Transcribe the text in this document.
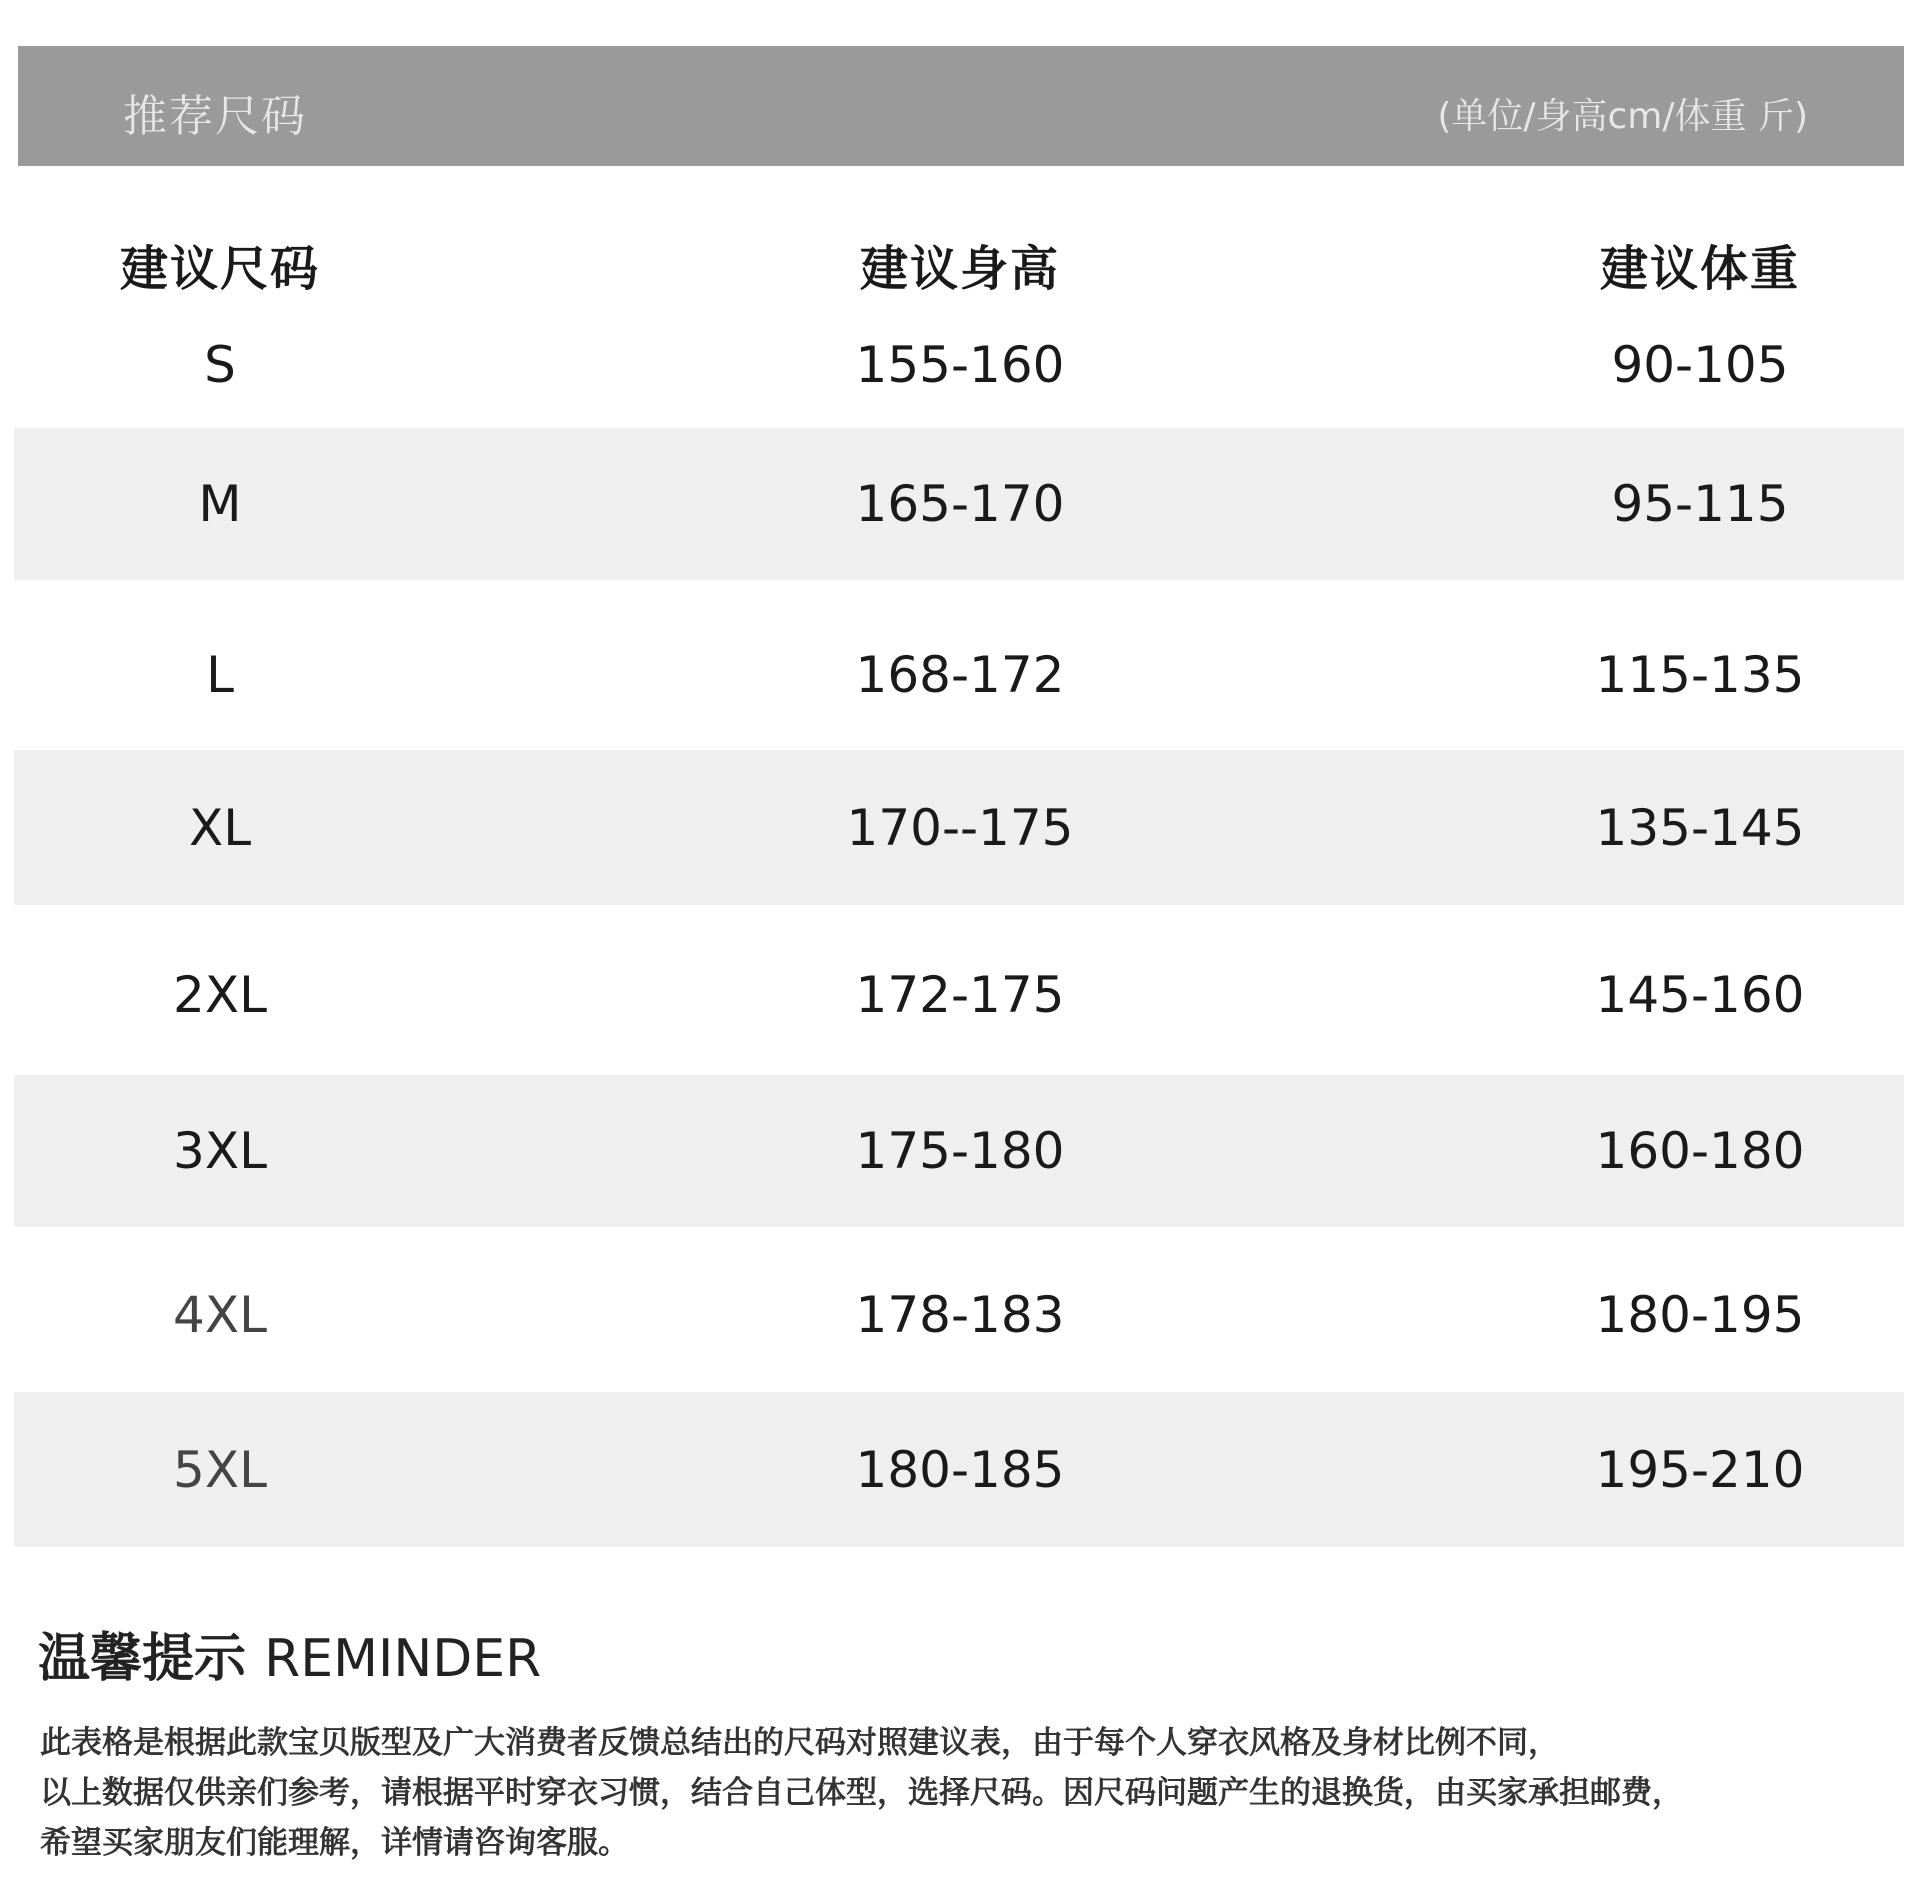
推荐尺码	(单位/身高cm/体重 斤)
建议尺码	建议身高	建议体重
S	155-160	90-105
M	165-170	95-115
L	168-172	115-135
XL	170--175	135-145
2XL	172-175	145-160
3XL	175-180	160-180
4XL	178-183	180-195
5XL	180-185	195-210
温馨提示 REMINDER
此表格是根据此款宝贝版型及广大消费者反馈总结出的尺码对照建议表，由于每个人穿衣风格及身材比例不同，
以上数据仅供亲们参考，请根据平时穿衣习惯，结合自己体型，选择尺码。因尺码问题产生的退换货，由买家承担邮费，
希望买家朋友们能理解，详情请咨询客服。
